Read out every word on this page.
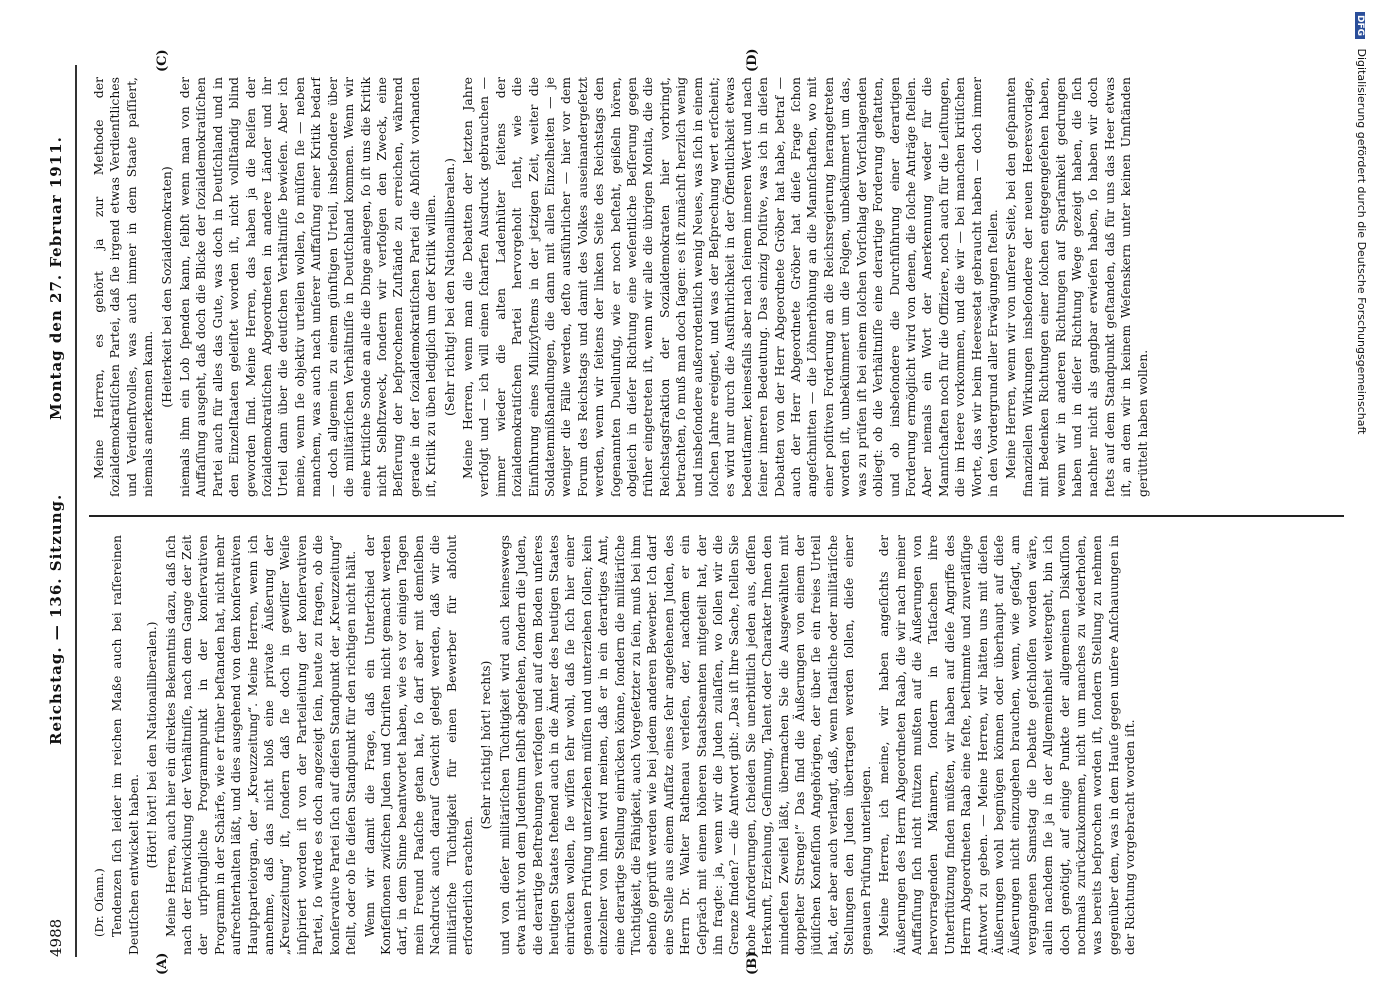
4988
Reichstag. — 136. Sitzung.
Montag den 27. Februar 1911.
(A)	(B)
(C)	(D)

(Dr. Oſann.) Tendenzen ſich leider im reichen Maße auch bei raſſereinen Deutſchen entwickelt haben. (Hört! hört! bei den Nationalliberalen.) Meine Herren, auch hier ein direktes Bekenntnis dazu, daß ſich nach der Entwicklung der Verhältniſſe, nach dem Gange der Zeit der urſprüngliche Programmpunkt in der konſervativen Programm in der Schärfe, wie er früher beſtanden hat, nicht mehr aufrechterhalten läßt, und dies ausgehend von dem konſervativen Hauptparteiorgan, der „Kreuzzeitung“. Meine Herren, wenn ich annehme, daß das nicht bloß eine private Äußerung der „Kreuzzeitung“ iſt, ſondern daß ſie doch in gewiſſer Weiſe inſpiriert worden iſt von der Parteileitung der konſervativen Partei, ſo würde es doch angezeigt ſein, heute zu fragen, ob die konſervative Partei ſich auf dieſen Standpunkt der „Kreuzzeitung“ ſtellt, oder ob ſie dieſen Standpunkt für den richtigen nicht hält. Wenn wir damit die Frage, daß ein Unterſchied der Konfeſſionen zwiſchen Juden und Chriſten nicht gemacht werden darf, in dem Sinne beantwortet haben, wie es vor einigen Tagen mein Freund Paaſche getan hat, ſo darf aber mit demſelben Nachdruck auch darauf Gewicht gelegt werden, daß wir die militäriſche Tüchtigkeit für einen Bewerber für abſolut erforderlich erachten.

(Sehr richtig! hört! rechts) und von dieſer militäriſchen Tüchtigkeit wird auch keineswegs etwa nicht von dem Judentum ſelbſt abgeſehen, ſondern die Juden, die derartige Beſtrebungen verfolgen und auf dem Boden unſeres heutigen Staates ſtehend auch in die Ämter des heutigen Staates einrücken wollen, ſie wiſſen ſehr wohl, daß ſie ſich hier einer genauen Prüfung unterziehen müſſen und unterziehen ſollen; kein einzelner von ihnen wird meinen, daß er in ein derartiges Amt, eine derartige Stellung einrücken könne, ſondern die militäriſche Tüchtigkeit, die Fähigkeit, auch Vorgeſetzter zu ſein, muß bei ihm ebenſo geprüft werden wie bei jedem anderen Bewerber. Ich darf eine Stelle aus einem Aufſatz eines ſehr angeſehenen Juden, des Herrn Dr. Walter Rathenau verleſen, der, nachdem er ein Geſpräch mit einem höheren Staatsbeamten mitgeteilt hat, der ihn fragte: ja, wenn wir die Juden zulaſſen, wo ſollen wir die Grenze finden? — die Antwort gibt: „Das iſt Ihre Sache, ſtellen Sie hohe Anforderungen, ſcheiden Sie unerbittlich jeden aus, deſſen Herkunft, Erziehung, Geſinnung, Talent oder Charakter Ihnen den mindeſten Zweifel läßt, übermachen Sie die Ausgewählten mit doppelter Strenge!“ Das ſind die Äußerungen von einem der jüdiſchen Konfeſſion Angehörigen, der über ſie ein freies Urteil hat, der aber auch verlangt, daß, wenn ſtaatliche oder militäriſche Stellungen den Juden übertragen werden ſollen, dieſe einer genauen Prüfung unterliegen. Meine Herren, ich meine, wir haben angeſichts der Äußerungen des Herrn Abgeordneten Raab, die wir nach meiner Auffaſſung ſich nicht ſtützen mußten auf die Äußerungen von hervorragenden Männern, ſondern in Tatſachen ihre Unterſtützung finden müßten, wir haben auf dieſe Angriffe des Herrn Abgeordneten Raab eine feſte, beſtimmte und zuverläſſige Antwort zu geben. — Meine Herren, wir hätten uns mit dieſen Äußerungen wohl begnügen können oder überhaupt auf dieſe Äußerungen nicht einzugehen brauchen, wenn, wie geſagt, am vergangenen Samstag die Debatte geſchloſſen worden wäre, allein nachdem ſie ja in der Allgemeinheit weitergeht, bin ich doch genötigt, auf einige Punkte der allgemeinen Diskuſſion nochmals zurückzukommen, nicht um manches zu wiederholen, was bereits beſprochen worden iſt, ſondern Stellung zu nehmen gegenüber dem, was in dem Hauſe gegen unſere Anſchauungen in der Richtung vorgebracht worden iſt.

Meine Herren, es gehört ja zur Methode der ſozialdemokratiſchen Partei, daß ſie irgend etwas Verdienſtliches und Verdienſtvolles, was auch immer in dem Staate paſſiert, niemals anerkennen kann.

(Heiterkeit bei den Sozialdemokraten) niemals ihm ein Lob ſpenden kann, ſelbſt wenn man von der Auffaſſung ausgeht, daß doch die Blicke der ſozialdemokratiſchen Partei auch für alles das Gute, was doch in Deutſchland und in den Einzelſtaaten geleiſtet worden iſt, nicht vollſtändig blind geworden ſind. Meine Herren, das haben ja die Reiſen der ſozialdemokratiſchen Abgeordneten in andere Länder und ihr Urteil dann über die deutſchen Verhältniſſe bewieſen. Aber ich meine, wenn ſie objektiv urteilen wollen, ſo müſſen ſie — neben manchem, was auch nach unſerer Auffaſſung einer Kritik bedarf — doch allgemein zu einem günſtigen Urteil, insbeſondere über die militäriſchen Verhältniſſe in Deutſchland kommen. Wenn wir eine kritiſche Sonde an alle die Dinge anlegen, ſo iſt uns die Kritik nicht Selbſtzweck, ſondern wir verfolgen den Zweck, eine Beſſerung der beſprochenen Zuſtände zu erreichen, während gerade in der ſozialdemokratiſchen Partei die Abſicht vorhanden iſt, Kritik zu üben lediglich um der Kritik willen. (Sehr richtig! bei den Nationalliberalen.) Meine Herren, wenn man die Debatten der letzten Jahre verfolgt und — ich will einen ſcharfen Ausdruck gebrauchen — immer wieder die alten Ladenhüter ſeitens der ſozialdemokratiſchen Partei hervorgeholt ſieht, wie die Einführung eines Milizſyſtems in der jetzigen Zeit, weiter die Soldatenmißhandlungen, die dann mit allen Einzelheiten — je weniger die Fälle werden, deſto ausführlicher — hier vor dem Forum des Reichstags und damit des Volkes auseinandergeſetzt werden, wenn wir ſeitens der linken Seite des Reichstags den ſogenannten Duellunfug, wie er noch beſteht, geißeln hören, obgleich in dieſer Richtung eine weſentliche Beſſerung gegen früher eingetreten iſt, wenn wir alle die übrigen Monita, die die Reichstagsfraktion der Sozialdemokraten hier vorbringt, betrachten, ſo muß man doch ſagen: es iſt zunächſt herzlich wenig und insbeſondere außerordentlich wenig Neues, was ſich in einem ſolchen Jahre ereignet, und was der Beſprechung wert erſcheint; es wird nur durch die Ausführlichkeit in der Öffentlichkeit etwas bedeutſamer, keinesfalls aber nach ſeinem inneren Wert und nach ſeiner inneren Bedeutung. Das einzig Poſitive, was ich in dieſen Debatten von der Herr Abgeordnete Gröber hat habe, betraf — auch der Herr Abgeordnete Gröber hat dieſe Frage ſchon angeſchnitten — die Löhnerhöhung an die Mannſchaften, wo mit einer poſitiven Forderung an die Reichsregierung herangetreten worden iſt, unbekümmert um die Folgen, unbekümmert um das, was zu prüfen iſt bei einem ſolchen Vorſchlag der Vorſchlagenden obliegt: ob die Verhältniſſe eine derartige Forderung geſtatten, und ob insbeſondere die Durchführung einer derartigen Forderung ermöglicht wird von denen, die ſolche Anträge ſtellen. Aber niemals ein Wort der Anerkennung weder für die Mannſchaften noch für die Offiziere, noch auch für die Leiſtungen, die im Heere vorkommen, und die wir — bei manchen kritiſchen Worte, das wir beim Heeresetat gebraucht haben — doch immer in den Vordergrund aller Erwägungen ſtellen. Meine Herren, wenn wir von unſerer Seite, bei den geſpannten finanziellen Wirkungen insbeſondere der neuen Heeresvorlage, mit Bedenken Richtungen einer ſolchen entgegengeſehen haben, wenn wir in anderen Richtungen auf Sparſamkeit gedrungen haben und in dieſer Richtung Wege gezeigt haben, die ſich nachher nicht als gangbar erwieſen haben, ſo haben wir doch ſtets auf dem Standpunkt geſtanden, daß für uns das Heer etwas iſt, an dem wir in keinem Weſenskern unter keinen Umſtänden gerüttelt haben wollen.

DFG Digitalisierung gefördert durch die Deutsche Forschungsgemeinschaft
